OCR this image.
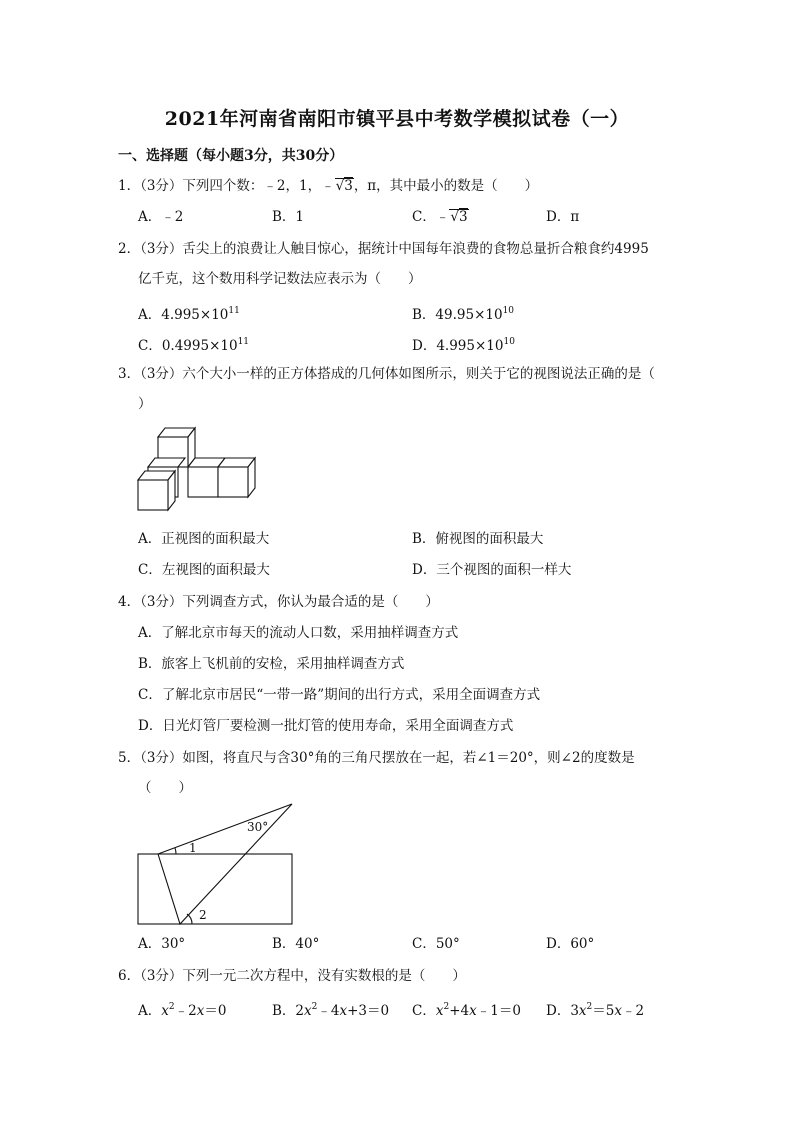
2021年河南省南阳市镇平县中考数学模拟试卷（一）
一、选择题（每小题3分，共30分）
1．（3分）下列四个数：﹣2，1，﹣√3，π，其中最小的数是（　　）
A．﹣2	B．1	C．﹣√3	D．π
2．（3分）舌尖上的浪费让人触目惊心，据统计中国每年浪费的食物总量折合粮食约4995
亿千克，这个数用科学记数法应表示为（　　）
A．$4.995\times 10^{11}$	B．$49.95\times 10^{10}$
C．$0.4995\times 10^{11}$	D．$4.995\times 10^{10}$
3．（3分）六个大小一样的正方体搭成的几何体如图所示，则关于它的视图说法正确的是（
）
A．正视图的面积最大	B．俯视图的面积最大
C．左视图的面积最大	D．三个视图的面积一样大
4．（3分）下列调查方式，你认为最合适的是（　　）
A．了解北京市每天的流动人口数，采用抽样调查方式
B．旅客上飞机前的安检，采用抽样调查方式
C．了解北京市居民“一带一路”期间的出行方式，采用全面调查方式
D．日光灯管厂要检测一批灯管的使用寿命，采用全面调查方式
5．（3分）如图，将直尺与含30°角的三角尺摆放在一起，若∠1＝20°，则∠2的度数是
（　　）
30°
1
2
A．30°	B．40°	C．50°	D．60°
6．（3分）下列一元二次方程中，没有实数根的是（　　）
A．$x^2﹣2x=0$	B．$2x^2﹣4x+3=0$ C．$x^2+4x﹣1=0$ D．$3x^2=5x﹣2$
